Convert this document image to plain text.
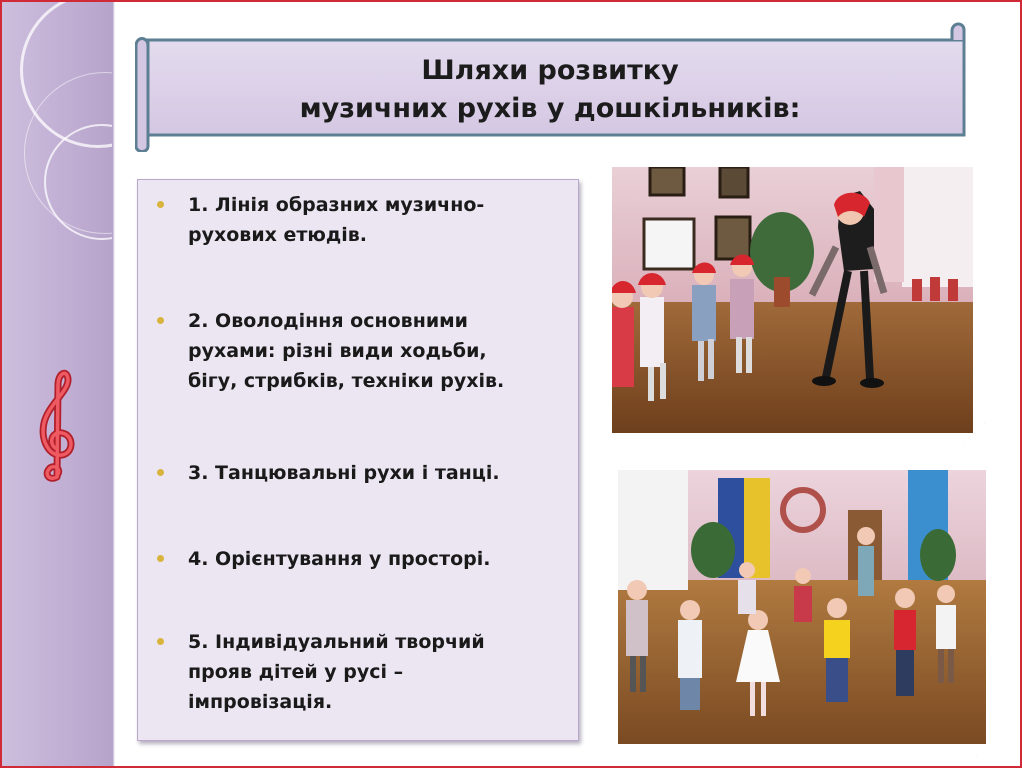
Шляхи розвитку
музичних рухів у дошкільників:
1. Лінія образних музично-
рухових етюдів.
2. Оволодіння основними
рухами: різні види ходьби,
бігу, стрибків, техніки рухів.
3. Танцювальні рухи і танці.
4. Орієнтування у просторі.
5. Індивідуальний творчий
прояв дітей у русі –
імпровізація.
